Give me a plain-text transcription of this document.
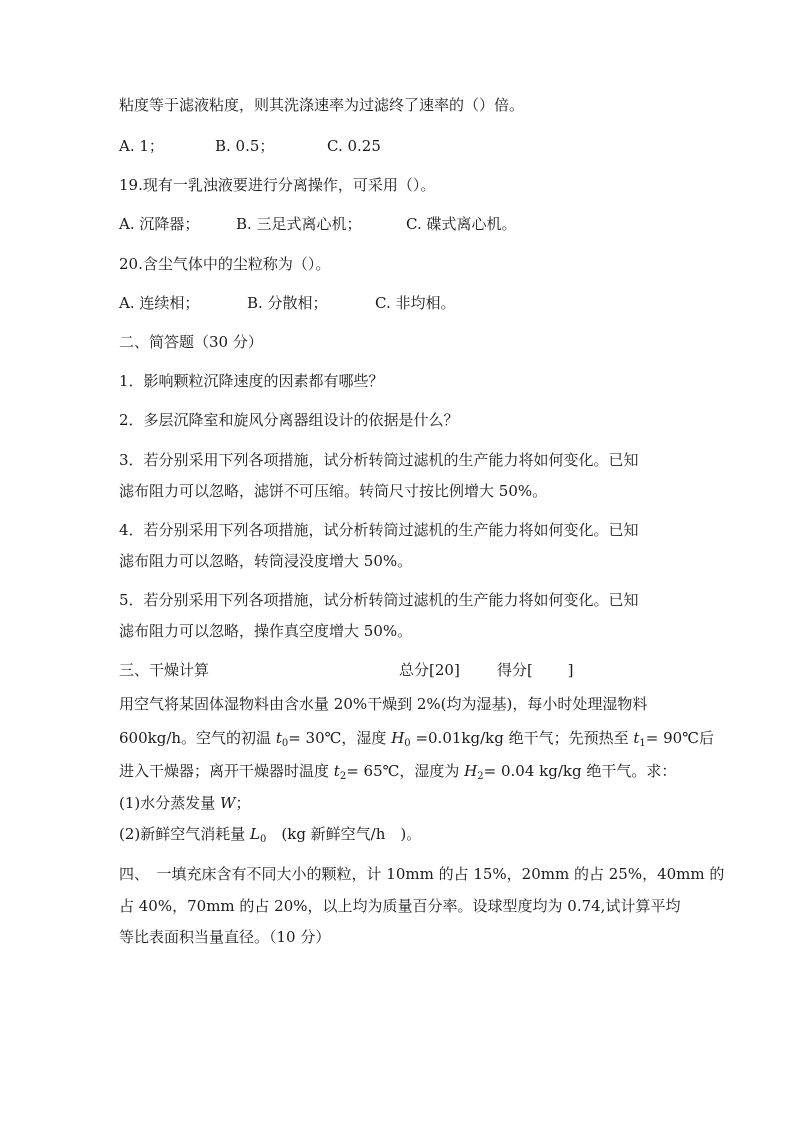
粘度等于滤液粘度，则其洗涤速率为过滤终了速率的（）倍。
A. 1；	B. 0.5；	C. 0.25
19.现有一乳浊液要进行分离操作，可采用（）。
A. 沉降器； B. 三足式离心机；	C. 碟式离心机。
20.含尘气体中的尘粒称为（）。
A. 连续相；	B. 分散相；	C. 非均相。
二、简答题（30 分）
1．影响颗粒沉降速度的因素都有哪些？
2．多层沉降室和旋风分离器组设计的依据是什么？
3．若分别采用下列各项措施，试分析转筒过滤机的生产能力将如何变化。已知
滤布阻力可以忽略，滤饼不可压缩。转筒尺寸按比例增大 50%。
4．若分别采用下列各项措施，试分析转筒过滤机的生产能力将如何变化。已知
滤布阻力可以忽略，转筒浸没度增大 50%。
5．若分别采用下列各项措施，试分析转筒过滤机的生产能力将如何变化。已知
滤布阻力可以忽略，操作真空度增大 50%。
三、干燥计算	总分[20] 得分[　　 ]
用空气将某固体湿物料由含水量 20%干燥到 2%(均为湿基)，每小时处理湿物料
600kg/h。空气的初温 $t_0=$ 30℃，湿度 $H_0 =0.01kg/kg$ 绝干气；先预热至 $t_1=$ 90℃后
进入干燥器；离开干燥器时温度 $t_2=$ 65℃，湿度为 $H_2= 0.04$ kg/kg 绝干气。求：
(1)水分蒸发量 W；
(2)新鲜空气消耗量 $L_0$　(kg 新鲜空气/h　)。
四、　一填充床含有不同大小的颗粒，计 10mm 的占 15%，20mm 的占 25%，40mm 的
占 40%，70mm 的占 20%，以上均为质量百分率。设球型度均为 0.74,试计算平均
等比表面积当量直径。（10 分）
